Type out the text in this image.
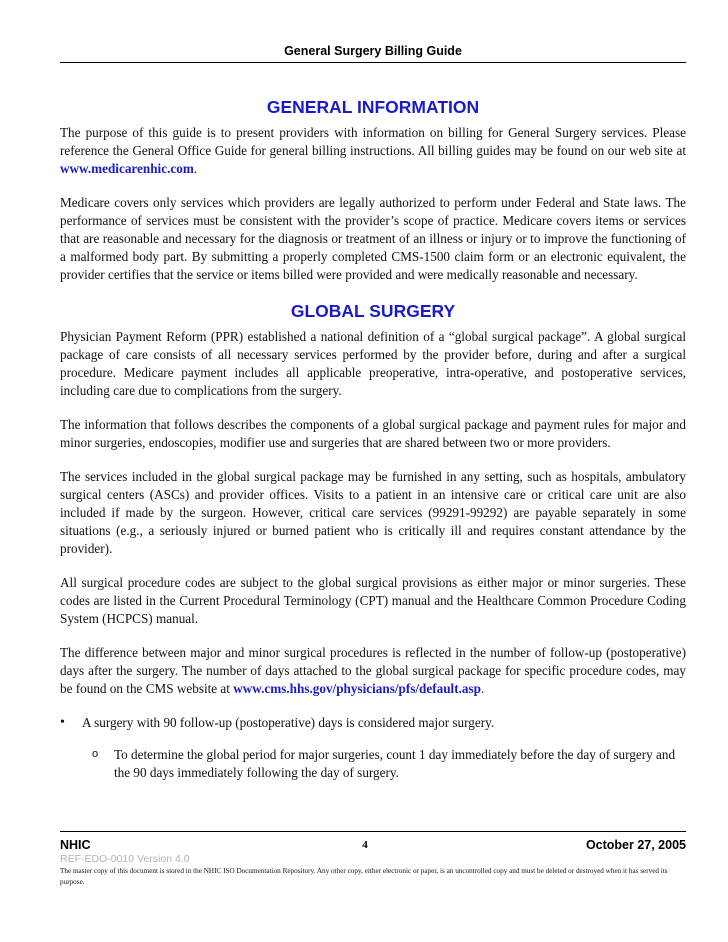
General Surgery Billing Guide
GENERAL INFORMATION

The purpose of this guide is to present providers with information on billing for General Surgery services. Please reference the General Office Guide for general billing instructions. All billing guides may be found on our web site at www.medicarenhic.com.

Medicare covers only services which providers are legally authorized to perform under Federal and State laws. The performance of services must be consistent with the provider’s scope of practice. Medicare covers items or services that are reasonable and necessary for the diagnosis or treatment of an illness or injury or to improve the functioning of a malformed body part. By submitting a properly completed CMS-1500 claim form or an electronic equivalent, the provider certifies that the service or items billed were provided and were medically reasonable and necessary.

GLOBAL SURGERY

Physician Payment Reform (PPR) established a national definition of a “global surgical package”. A global surgical package of care consists of all necessary services performed by the provider before, during and after a surgical procedure. Medicare payment includes all applicable preoperative, intra-operative, and postoperative services, including care due to complications from the surgery.

The information that follows describes the components of a global surgical package and payment rules for major and minor surgeries, endoscopies, modifier use and surgeries that are shared between two or more providers.

The services included in the global surgical package may be furnished in any setting, such as hospitals, ambulatory surgical centers (ASCs) and provider offices. Visits to a patient in an intensive care or critical care unit are also included if made by the surgeon. However, critical care services (99291-99292) are payable separately in some situations (e.g., a seriously injured or burned patient who is critically ill and requires constant attendance by the provider).

All surgical procedure codes are subject to the global surgical provisions as either major or minor surgeries. These codes are listed in the Current Procedural Terminology (CPT) manual and the Healthcare Common Procedure Coding System (HCPCS) manual.

The difference between major and minor surgical procedures is reflected in the number of follow-up (postoperative) days after the surgery. The number of days attached to the global surgical package for specific procedure codes, may be found on the CMS website at www.cms.hhs.gov/physicians/pfs/default.asp.

• A surgery with 90 follow-up (postoperative) days is considered major surgery.
o To determine the global period for major surgeries, count 1 day immediately before the day of surgery and the 90 days immediately following the day of surgery.
NHIC	4	October 27, 2005
REF-EDO-0010 Version 4.0
The master copy of this document is stored in the NHIC ISO Documentation Repository. Any other copy, either electronic or paper, is an uncontrolled copy and must be deleted or destroyed when it has served its purpose.
